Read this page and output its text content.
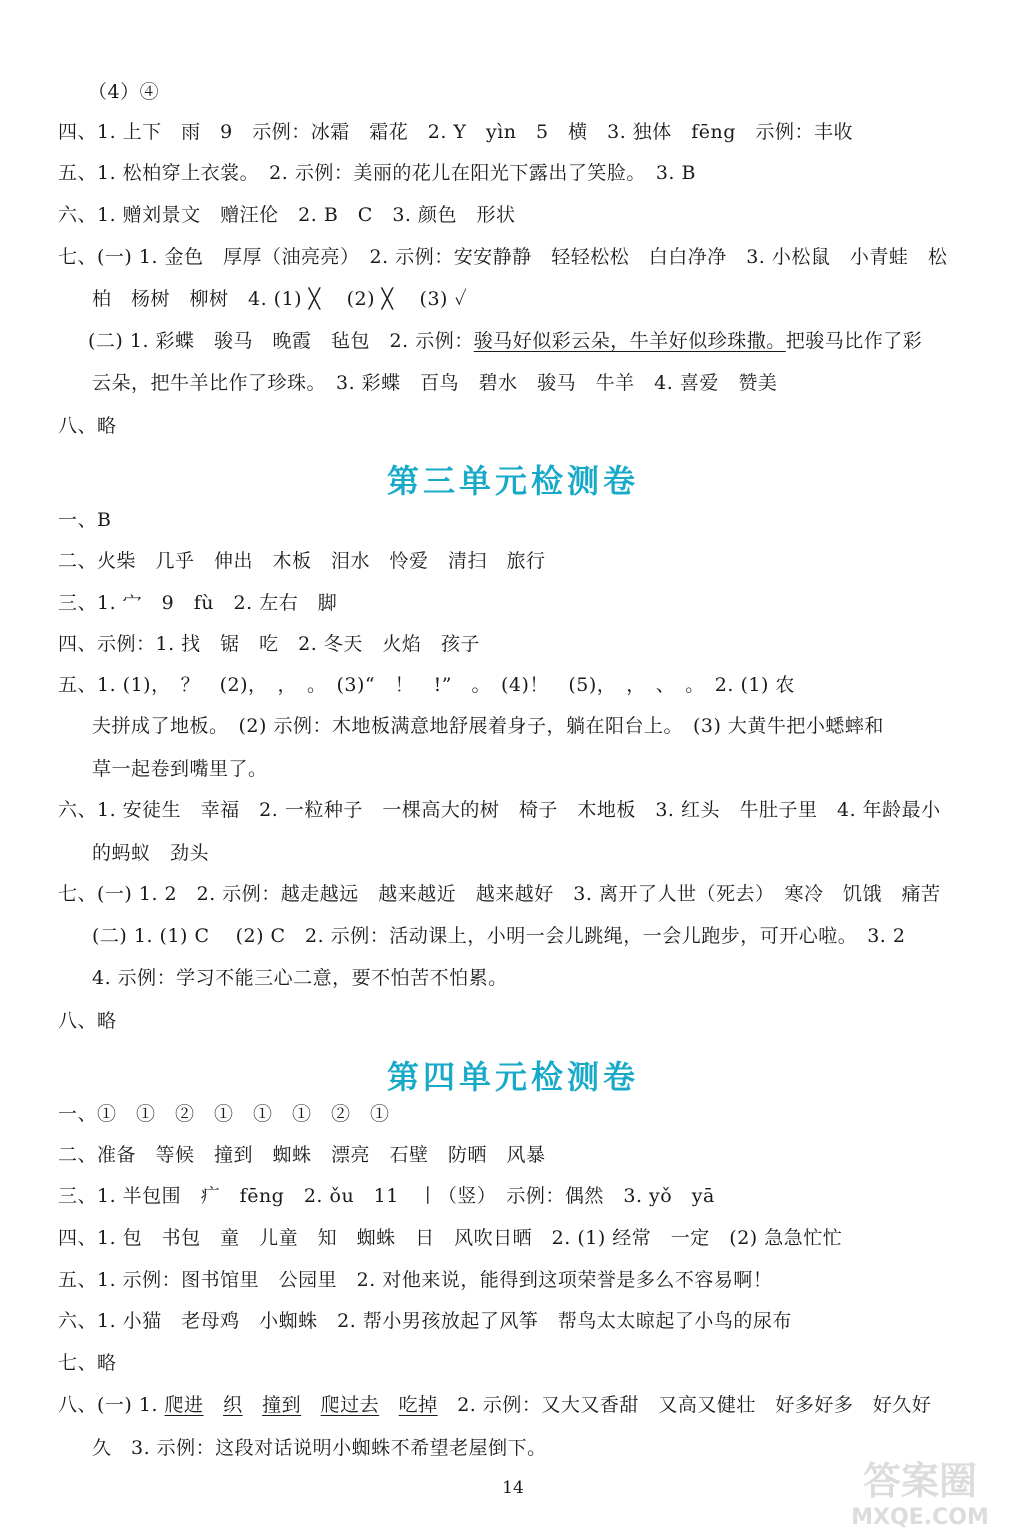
（4）④
四、1. 上下　雨　9　示例：冰霜　霜花　2. Y　yìn　5　横　3. 独体　fēng　示例：丰收
五、1. 松柏穿上衣裳。　2. 示例：美丽的花儿在阳光下露出了笑脸。　3. B
六、1. 赠刘景文　赠汪伦　2. B　C　3. 颜色　形状
七、(一) 1. 金色　厚厚（油亮亮）　2. 示例：安安静静　轻轻松松　白白净净　3. 小松鼠　小青蛙　松
柏　杨树　柳树　4. (1) ╳　 (2) ╳　 (3) ✓
(二) 1. 彩蝶　骏马　晚霞　毡包　2. 示例：骏马好似彩云朵，牛羊好似珍珠撒。把骏马比作了彩
云朵，把牛羊比作了珍珠。　3. 彩蝶　百鸟　碧水　骏马　牛羊　4. 喜爱　赞美
八、略
第三单元检测卷
一、B
二、火柴　几乎　伸出　木板　泪水　怜爱　清扫　旅行
三、1. 宀　9　fù　2. 左右　脚
四、示例：1. 找　锯　吃　2. 冬天　火焰　孩子
五、1. (1)，　？　(2)，　，　。　(3)“　！　!”　。　(4)！　(5)，　，　、　。　2. (1) 农
夫拼成了地板。　(2) 示例：木地板满意地舒展着身子，躺在阳台上。　(3) 大黄牛把小蟋蟀和
草一起卷到嘴里了。
六、1. 安徒生　幸福　2. 一粒种子　一棵高大的树　椅子　木地板　3. 红头　牛肚子里　4. 年龄最小
的蚂蚁　劲头
七、(一) 1. 2　2. 示例：越走越远　越来越近　越来越好　3. 离开了人世（死去）　寒冷　饥饿　痛苦
(二) 1. (1) C　 (2) C　2. 示例：活动课上，小明一会儿跳绳，一会儿跑步，可开心啦。　3. 2
4. 示例：学习不能三心二意，要不怕苦不怕累。
八、略
第四单元检测卷
一、①　①　②　①　①　①　②　①
二、准备　等候　撞到　蜘蛛　漂亮　石壁　防晒　风暴
三、1. 半包围　疒　fēng　2. ǒu　11　丨（竖）　示例：偶然　3. yǒ　yā
四、1. 包　书包　童　儿童　知　蜘蛛　日　风吹日晒　2. (1) 经常　一定　(2) 急急忙忙
五、1. 示例：图书馆里　公园里　2. 对他来说，能得到这项荣誉是多么不容易啊！
六、1. 小猫　老母鸡　小蜘蛛　2. 帮小男孩放起了风筝　帮鸟太太晾起了小鸟的尿布
七、略
八、(一) 1. 爬进　 织　 撞到　 爬过去　 吃掉　2. 示例：又大又香甜　又高又健壮　好多好多　好久好
久　3. 示例：这段对话说明小蜘蛛不希望老屋倒下。
14	答案圈
MXQE.COM
